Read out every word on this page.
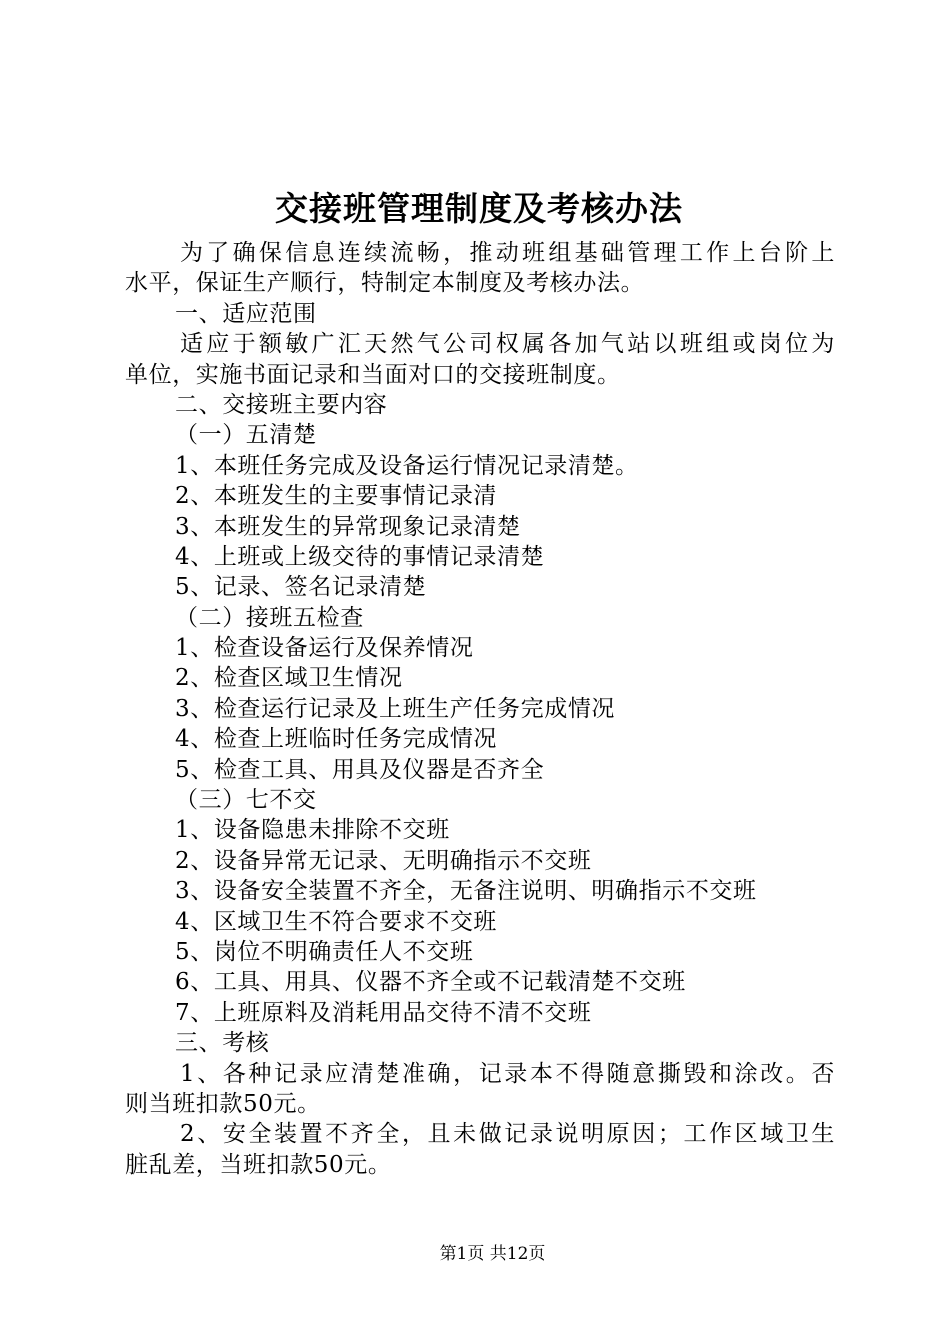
交接班管理制度及考核办法
为了确保信息连续流畅，推动班组基础管理工作上台阶上
水平，保证生产顺行，特制定本制度及考核办法。
一、适应范围
适应于额敏广汇天然气公司权属各加气站以班组或岗位为
单位，实施书面记录和当面对口的交接班制度。
二、交接班主要内容
（一）五清楚
1、本班任务完成及设备运行情况记录清楚。
2、本班发生的主要事情记录清
3、本班发生的异常现象记录清楚
4、上班或上级交待的事情记录清楚
5、记录、签名记录清楚
（二）接班五检查
1、检查设备运行及保养情况
2、检查区域卫生情况
3、检查运行记录及上班生产任务完成情况
4、检查上班临时任务完成情况
5、检查工具、用具及仪器是否齐全
（三）七不交
1、设备隐患未排除不交班
2、设备异常无记录、无明确指示不交班
3、设备安全装置不齐全，无备注说明、明确指示不交班
4、区域卫生不符合要求不交班
5、岗位不明确责任人不交班
6、工具、用具、仪器不齐全或不记载清楚不交班
7、上班原料及消耗用品交待不清不交班
三、考核
1、各种记录应清楚准确，记录本不得随意撕毁和涂改。否
则当班扣款50元。
2、安全装置不齐全，且未做记录说明原因；工作区域卫生
脏乱差，当班扣款50元。
第1页 共12页
